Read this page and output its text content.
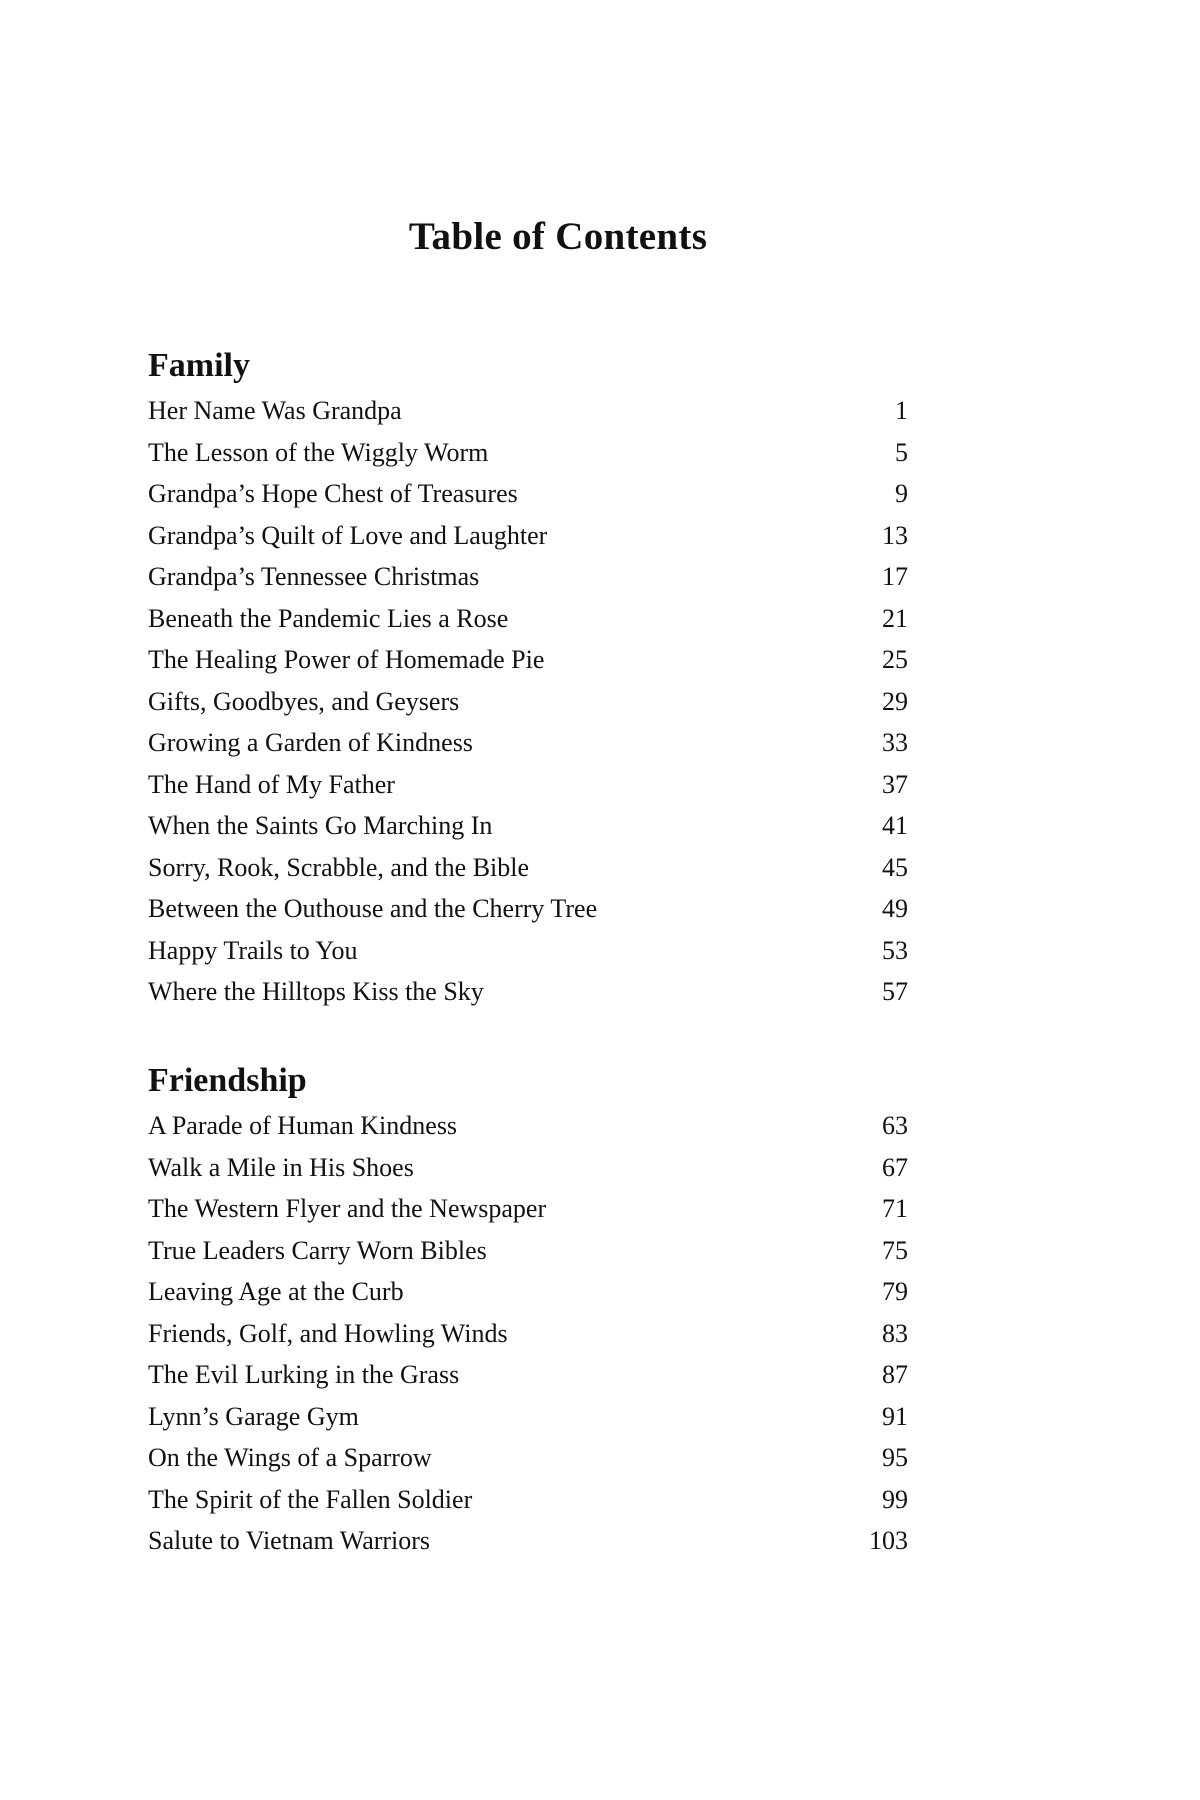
Table of Contents
Family
Her Name Was Grandpa	1
The Lesson of the Wiggly Worm	5
Grandpa’s Hope Chest of Treasures	9
Grandpa’s Quilt of Love and Laughter	13
Grandpa’s Tennessee Christmas	17
Beneath the Pandemic Lies a Rose	21
The Healing Power of Homemade Pie	25
Gifts, Goodbyes, and Geysers	29
Growing a Garden of Kindness	33
The Hand of My Father	37
When the Saints Go Marching In	41
Sorry, Rook, Scrabble, and the Bible	45
Between the Outhouse and the Cherry Tree	49
Happy Trails to You	53
Where the Hilltops Kiss the Sky	57
Friendship
A Parade of Human Kindness	63
Walk a Mile in His Shoes	67
The Western Flyer and the Newspaper	71
True Leaders Carry Worn Bibles	75
Leaving Age at the Curb	79
Friends, Golf, and Howling Winds	83
The Evil Lurking in the Grass	87
Lynn’s Garage Gym	91
On the Wings of a Sparrow	95
The Spirit of the Fallen Soldier	99
Salute to Vietnam Warriors	103
